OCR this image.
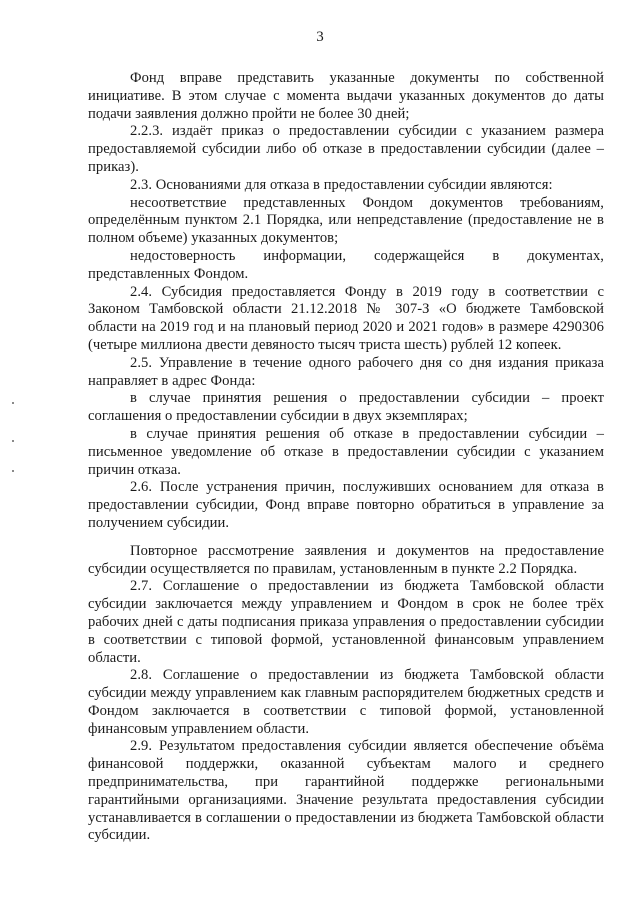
3

Фонд вправе представить указанные документы по собственной инициативе. В этом случае с момента выдачи указанных документов до даты подачи заявления должно пройти не более 30 дней;

2.2.3. издаёт приказ о предоставлении субсидии с указанием размера предоставляемой субсидии либо об отказе в предоставлении субсидии (далее – приказ).

2.3. Основаниями для отказа в предоставлении субсидии являются:

несоответствие представленных Фондом документов требованиям, определённым пунктом 2.1 Порядка, или непредставление (предоставление не в полном объеме) указанных документов;

недостоверность информации, содержащейся в документах, представленных Фондом.

2.4. Субсидия предоставляется Фонду в 2019 году в соответствии с Законом Тамбовской области 21.12.2018 № 307-З «О бюджете Тамбовской области на 2019 год и на плановый период 2020 и 2021 годов» в размере 4290306 (четыре миллиона двести девяносто тысяч триста шесть) рублей 12 копеек.

2.5. Управление в течение одного рабочего дня со дня издания приказа направляет в адрес Фонда:

в случае принятия решения о предоставлении субсидии – проект соглашения о предоставлении субсидии в двух экземплярах;

в случае принятия решения об отказе в предоставлении субсидии – письменное уведомление об отказе в предоставлении субсидии с указанием причин отказа.

2.6. После устранения причин, послуживших основанием для отказа в предоставлении субсидии, Фонд вправе повторно обратиться в управление за получением субсидии.

Повторное рассмотрение заявления и документов на предоставление субсидии осуществляется по правилам, установленным в пункте 2.2 Порядка.

2.7. Соглашение о предоставлении из бюджета Тамбовской области субсидии заключается между управлением и Фондом в срок не более трёх рабочих дней с даты подписания приказа управления о предоставлении субсидии в соответствии с типовой формой, установленной финансовым управлением области.

2.8. Соглашение о предоставлении из бюджета Тамбовской области субсидии между управлением как главным распорядителем бюджетных средств и Фондом заключается в соответствии с типовой формой, установленной финансовым управлением области.

2.9. Результатом предоставления субсидии является обеспечение объёма финансовой поддержки, оказанной субъектам малого и среднего предпринимательства, при гарантийной поддержке региональными гарантийными организациями. Значение результата предоставления субсидии устанавливается в соглашении о предоставлении из бюджета Тамбовской области субсидии.
